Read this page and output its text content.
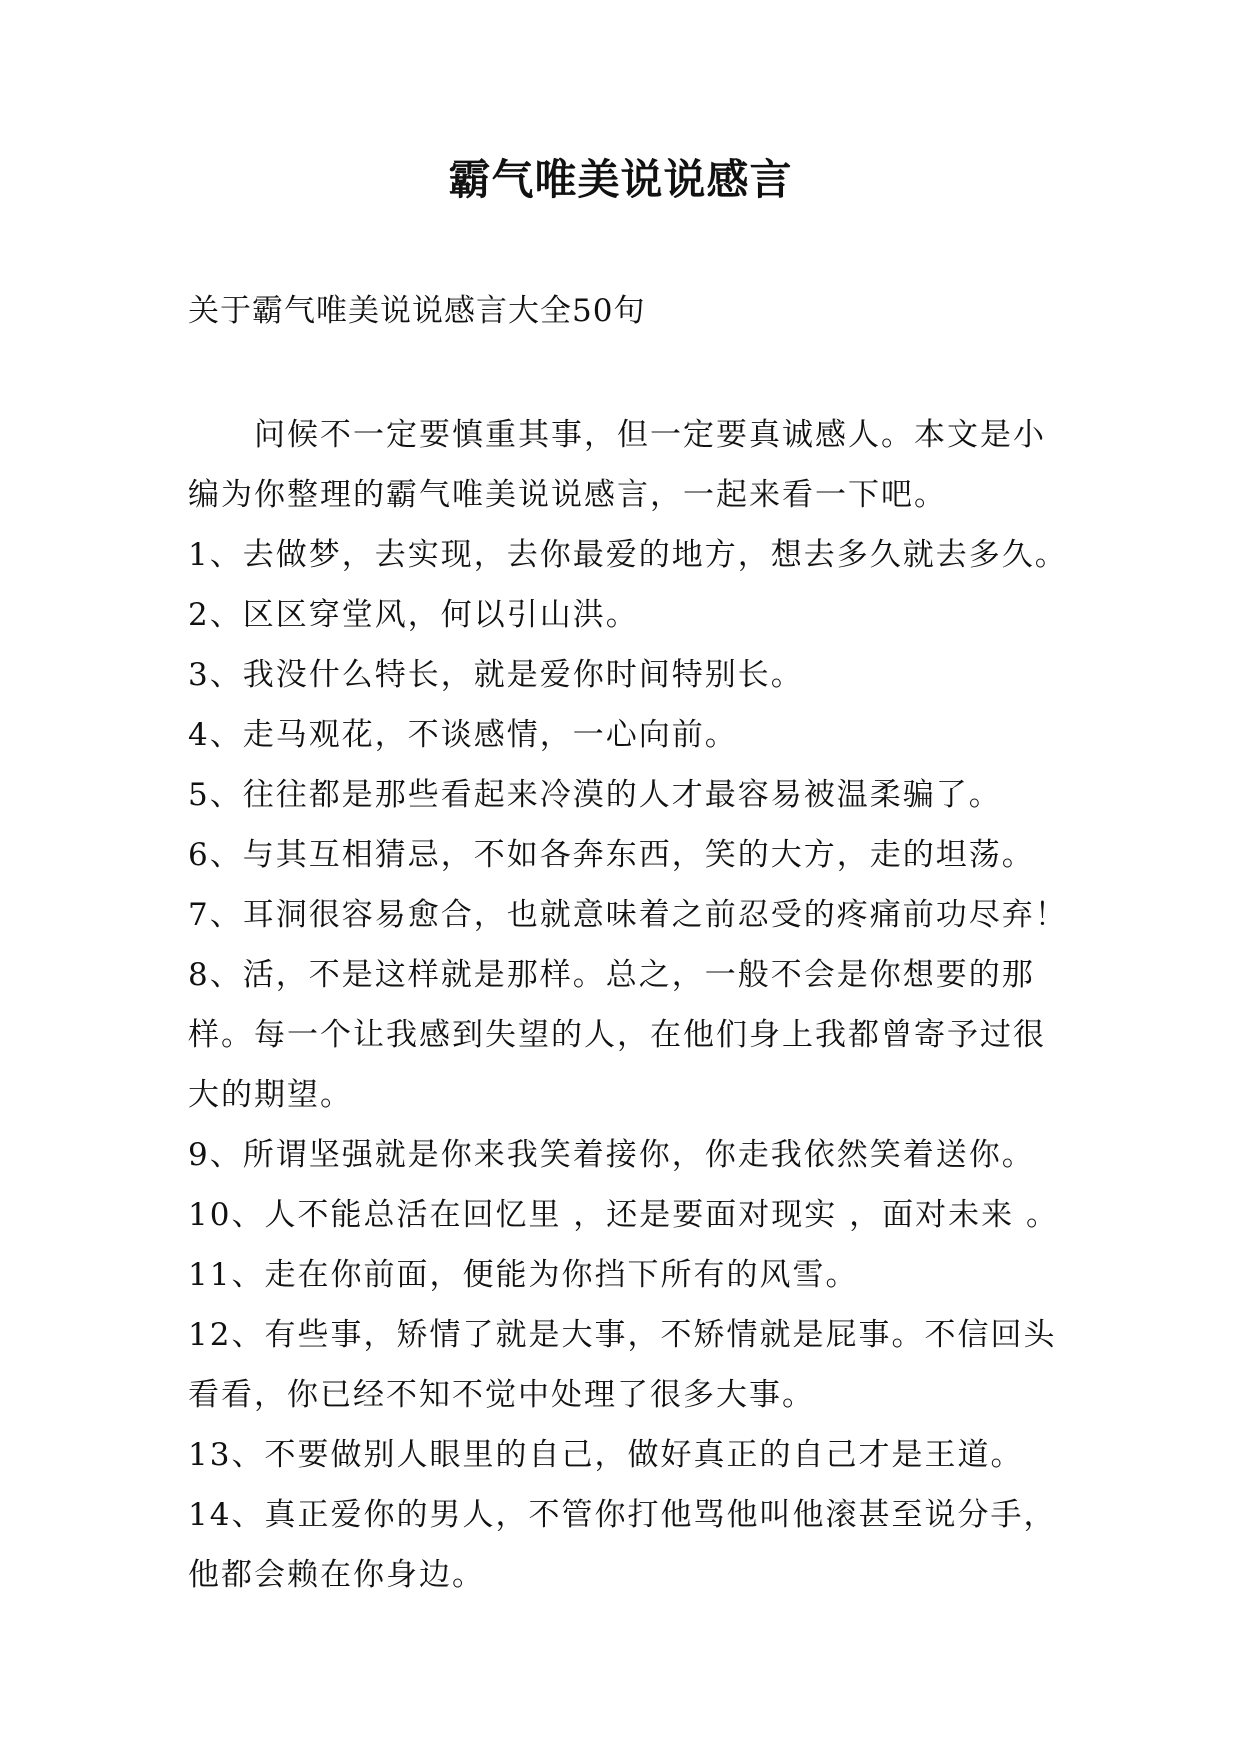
霸气唯美说说感言
关于霸气唯美说说感言大全50句

问候不一定要慎重其事，但一定要真诚感人。本文是小编为你整理的霸气唯美说说感言，一起来看一下吧。

1、去做梦，去实现，去你最爱的地方，想去多久就去多久。

2、区区穿堂风，何以引山洪。

3、我没什么特长，就是爱你时间特别长。

4、走马观花，不谈感情，一心向前。

5、往往都是那些看起来冷漠的人才最容易被温柔骗了。

6、与其互相猜忌，不如各奔东西，笑的大方，走的坦荡。

7、耳洞很容易愈合，也就意味着之前忍受的疼痛前功尽弃！

8、活，不是这样就是那样。总之，一般不会是你想要的那样。每一个让我感到失望的人，在他们身上我都曾寄予过很大的期望。

9、所谓坚强就是你来我笑着接你，你走我依然笑着送你。

10、人不能总活在回忆里 ，还是要面对现实 ，面对未来 。

11、走在你前面，便能为你挡下所有的风雪。

12、有些事，矫情了就是大事，不矫情就是屁事。不信回头看看，你已经不知不觉中处理了很多大事。

13、不要做别人眼里的自己，做好真正的自己才是王道。

14、真正爱你的男人，不管你打他骂他叫他滚甚至说分手，他都会赖在你身边。
